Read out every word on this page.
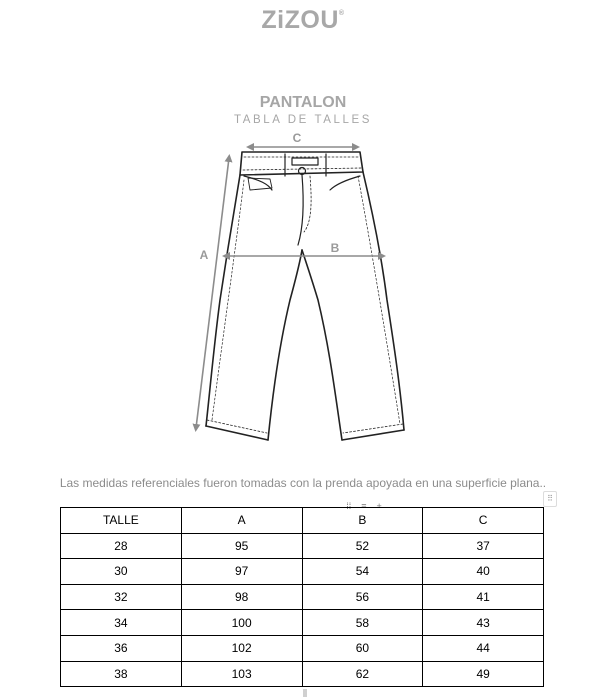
ZiZOU®
PANTALON
TABLA DE TALLES
C
A	B
Las medidas referenciales fueron tomadas con la prenda apoyada en una superficie plana..
⁞⁞ ≡ +
⠿
TALLE	A	B	C
28	95	52	37
30	97	54	40
32	98	56	41
34	100	58	43
36	102	60	44
38	103	62	49
